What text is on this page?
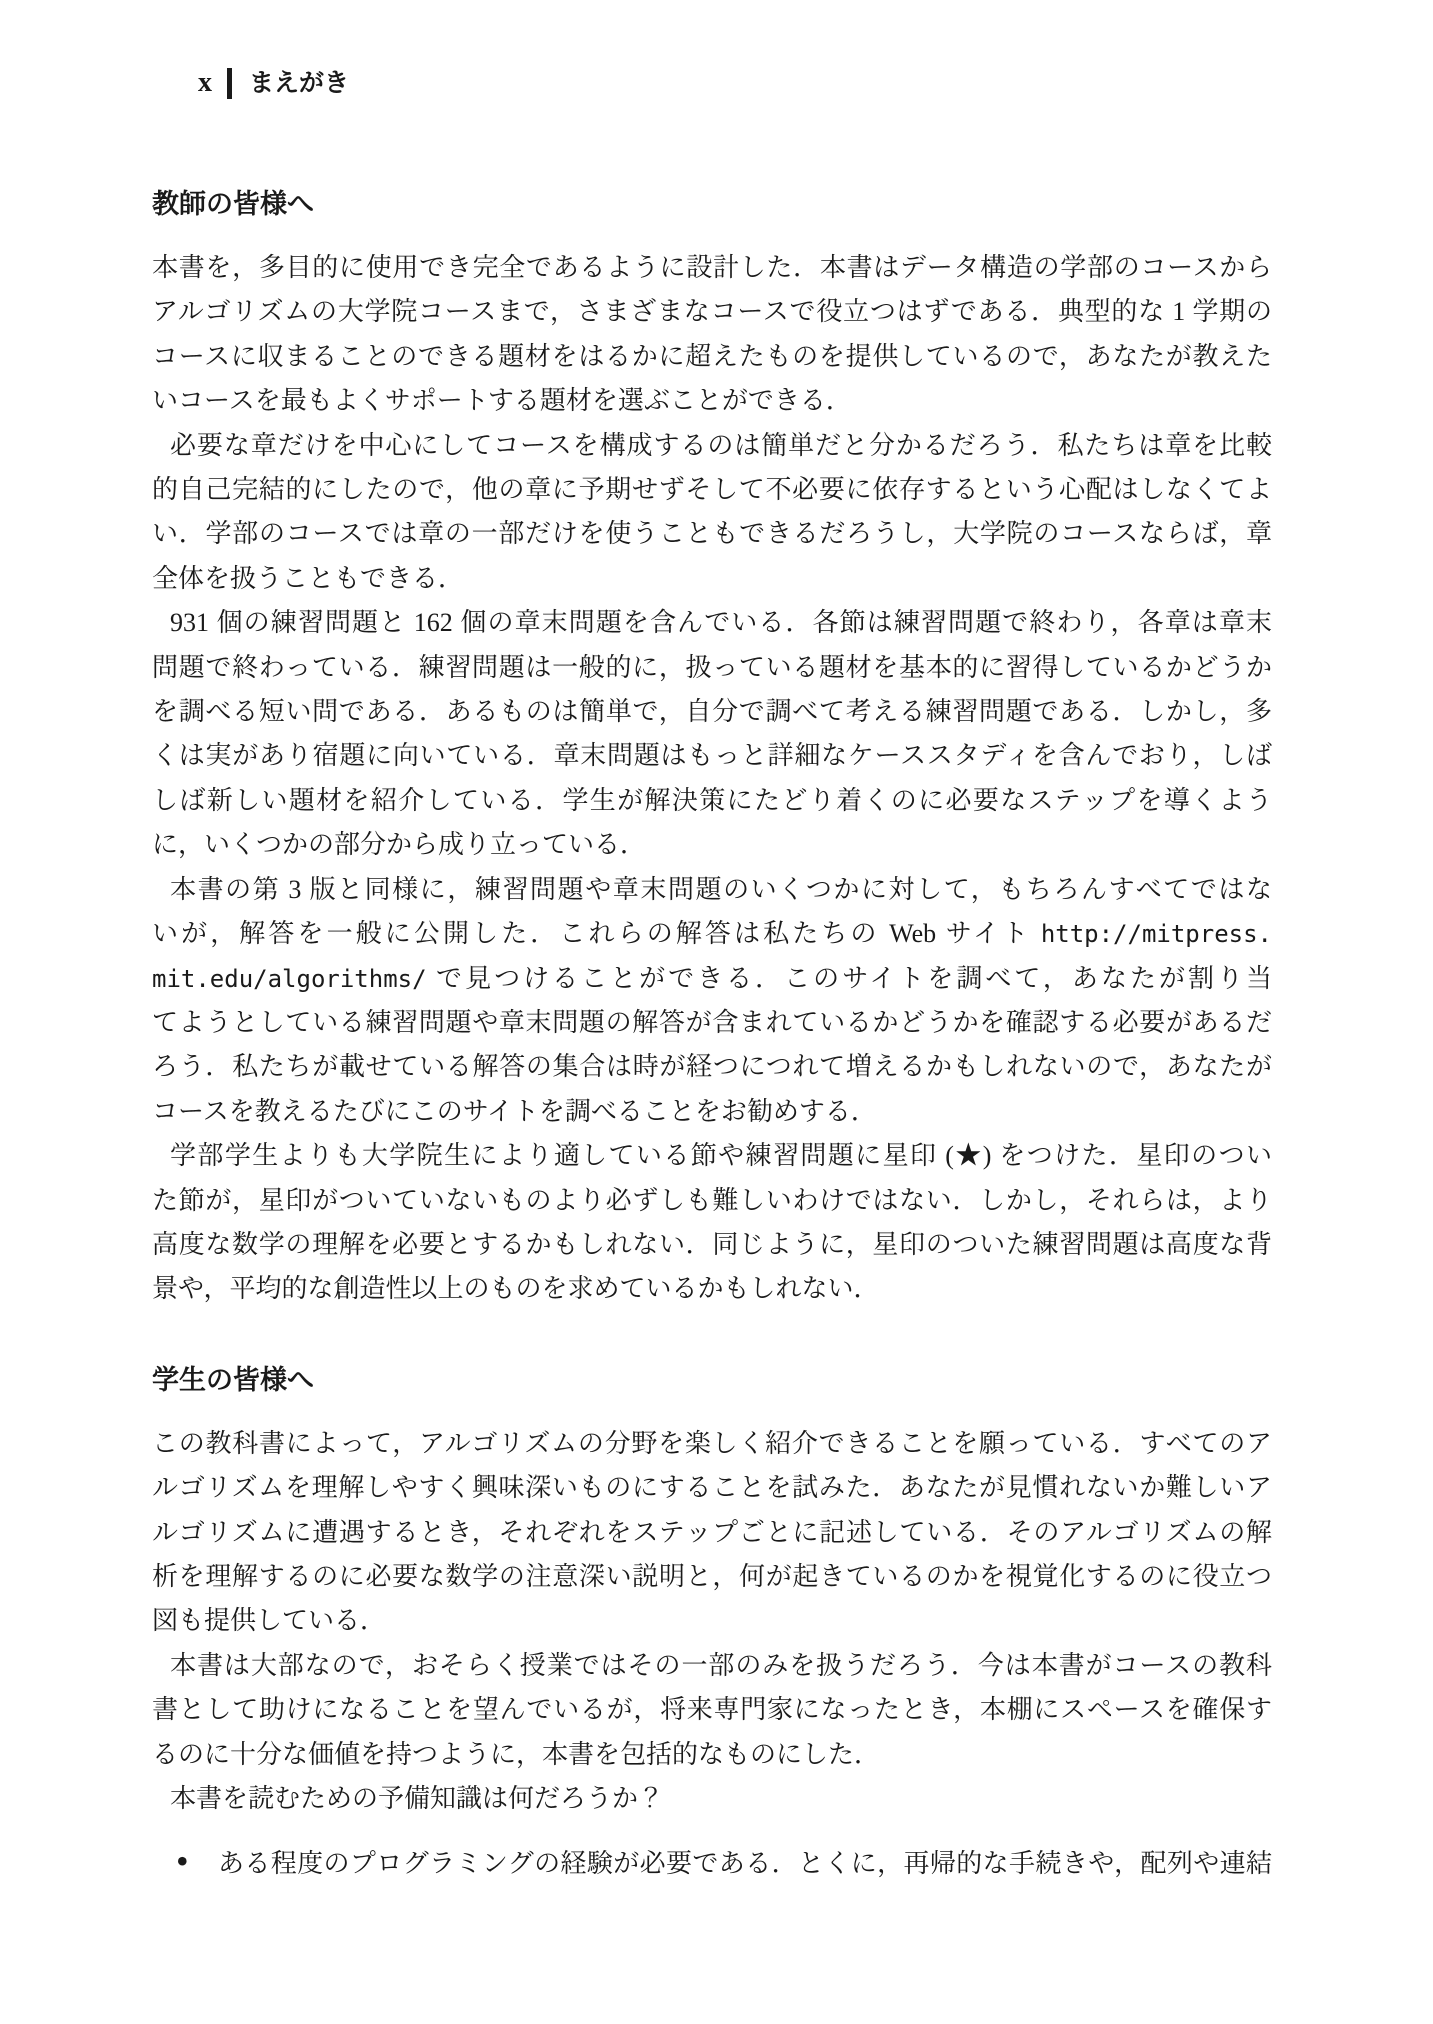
x まえがき
教師の皆様へ
本書を，多目的に使用でき完全であるように設計した．本書はデータ構造の学部のコースから
アルゴリズムの大学院コースまで，さまざまなコースで役立つはずである．典型的な 1 学期の
コースに収まることのできる題材をはるかに超えたものを提供しているので，あなたが教えた
いコースを最もよくサポートする題材を選ぶことができる．
必要な章だけを中心にしてコースを構成するのは簡単だと分かるだろう．私たちは章を比較
的自己完結的にしたので，他の章に予期せずそして不必要に依存するという心配はしなくてよ
い．学部のコースでは章の一部だけを使うこともできるだろうし，大学院のコースならば，章
全体を扱うこともできる．
931 個の練習問題と 162 個の章末問題を含んでいる．各節は練習問題で終わり，各章は章末
問題で終わっている．練習問題は一般的に，扱っている題材を基本的に習得しているかどうか
を調べる短い問である．あるものは簡単で，自分で調べて考える練習問題である．しかし，多
くは実があり宿題に向いている．章末問題はもっと詳細なケーススタディを含んでおり，しば
しば新しい題材を紹介している．学生が解決策にたどり着くのに必要なステップを導くよう
に，いくつかの部分から成り立っている．
本書の第 3 版と同様に，練習問題や章末問題のいくつかに対して，もちろんすべてではな
いが，解答を一般に公開した．これらの解答は私たちの Web サイト http://mitpress.
mit.edu/algorithms/ で見つけることができる．このサイトを調べて，あなたが割り当
てようとしている練習問題や章末問題の解答が含まれているかどうかを確認する必要があるだ
ろう．私たちが載せている解答の集合は時が経つにつれて増えるかもしれないので，あなたが
コースを教えるたびにこのサイトを調べることをお勧めする．
学部学生よりも大学院生により適している節や練習問題に星印 (★) をつけた．星印のつい
た節が，星印がついていないものより必ずしも難しいわけではない．しかし，それらは，より
高度な数学の理解を必要とするかもしれない．同じように，星印のついた練習問題は高度な背
景や，平均的な創造性以上のものを求めているかもしれない．
学生の皆様へ
この教科書によって，アルゴリズムの分野を楽しく紹介できることを願っている．すべてのア
ルゴリズムを理解しやすく興味深いものにすることを試みた．あなたが見慣れないか難しいア
ルゴリズムに遭遇するとき，それぞれをステップごとに記述している．そのアルゴリズムの解
析を理解するのに必要な数学の注意深い説明と，何が起きているのかを視覚化するのに役立つ
図も提供している．
本書は大部なので，おそらく授業ではその一部のみを扱うだろう．今は本書がコースの教科
書として助けになることを望んでいるが，将来専門家になったとき，本棚にスペースを確保す
るのに十分な価値を持つように，本書を包括的なものにした．
本書を読むための予備知識は何だろうか？
• ある程度のプログラミングの経験が必要である．とくに，再帰的な手続きや，配列や連結
